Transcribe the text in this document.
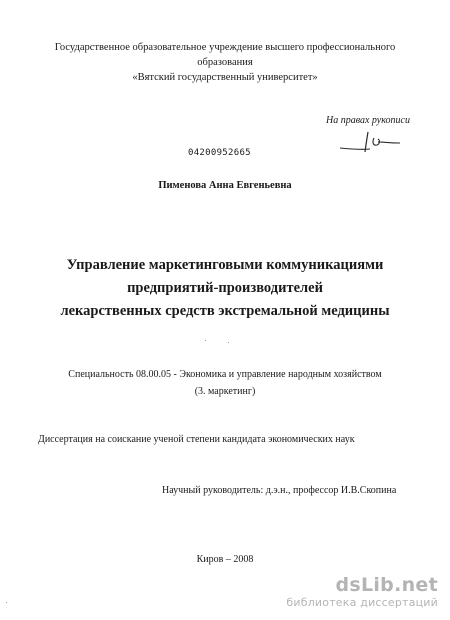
Государственное образовательное учреждение высшего профессионального
образования
«Вятский государственный университет»
На правах рукописи
04200952665
Пименова Анна Евгеньевна
Управление маркетинговыми коммуникациями
предприятий-производителей
лекарственных средств экстремальной медицины
Специальность 08.00.05 - Экономика и управление народным хозяйством
(3. маркетинг)
Диссертация на соискание ученой степени кандидата экономических наук
Научный руководитель: д.э.н., профессор И.В.Скопина
Киров – 2008
dsLib.net
библиотека диссертаций
